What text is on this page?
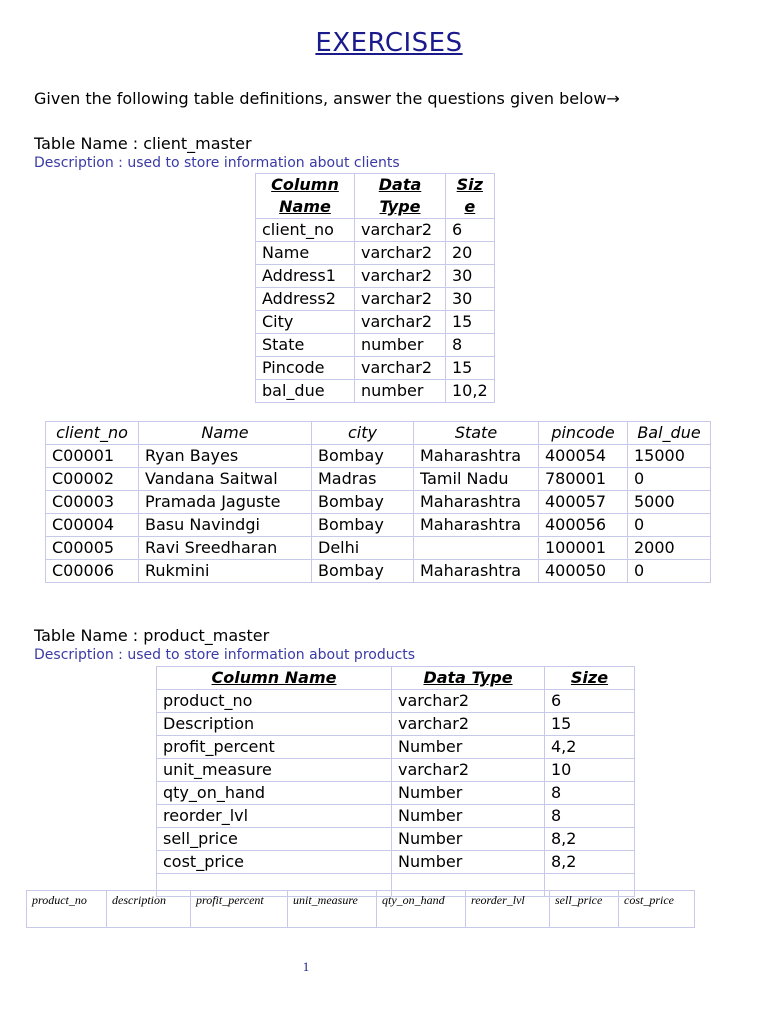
EXERCISES
Given the following table definitions, answer the questions given below→
Table Name : client_master
Description : used to store information about clients
Column Name	Data Type	Size
client_no	varchar2	6
Name	varchar2	20
Address1	varchar2	30
Address2	varchar2	30
City	varchar2	15
State	number	8
Pincode	varchar2	15
bal_due	number	10,2
client_no	Name	city	State	pincode	Bal_due
C00001	Ryan Bayes	Bombay	Maharashtra	400054	15000
C00002	Vandana Saitwal	Madras	Tamil Nadu	780001	0
C00003	Pramada Jaguste	Bombay	Maharashtra	400057	5000
C00004	Basu Navindgi	Bombay	Maharashtra	400056	0
C00005	Ravi Sreedharan	Delhi		100001	2000
C00006	Rukmini	Bombay	Maharashtra	400050	0
Table Name : product_master
Description : used to store information about products
Column Name	Data Type	Size
product_no	varchar2	6
Description	varchar2	15
profit_percent	Number	4,2
unit_measure	varchar2	10
qty_on_hand	Number	8
reorder_lvl	Number	8
sell_price	Number	8,2
cost_price	Number	8,2

product_no	description	profit_percent	unit_measure	qty_on_hand	reorder_lvl	sell_price	cost_price
1
